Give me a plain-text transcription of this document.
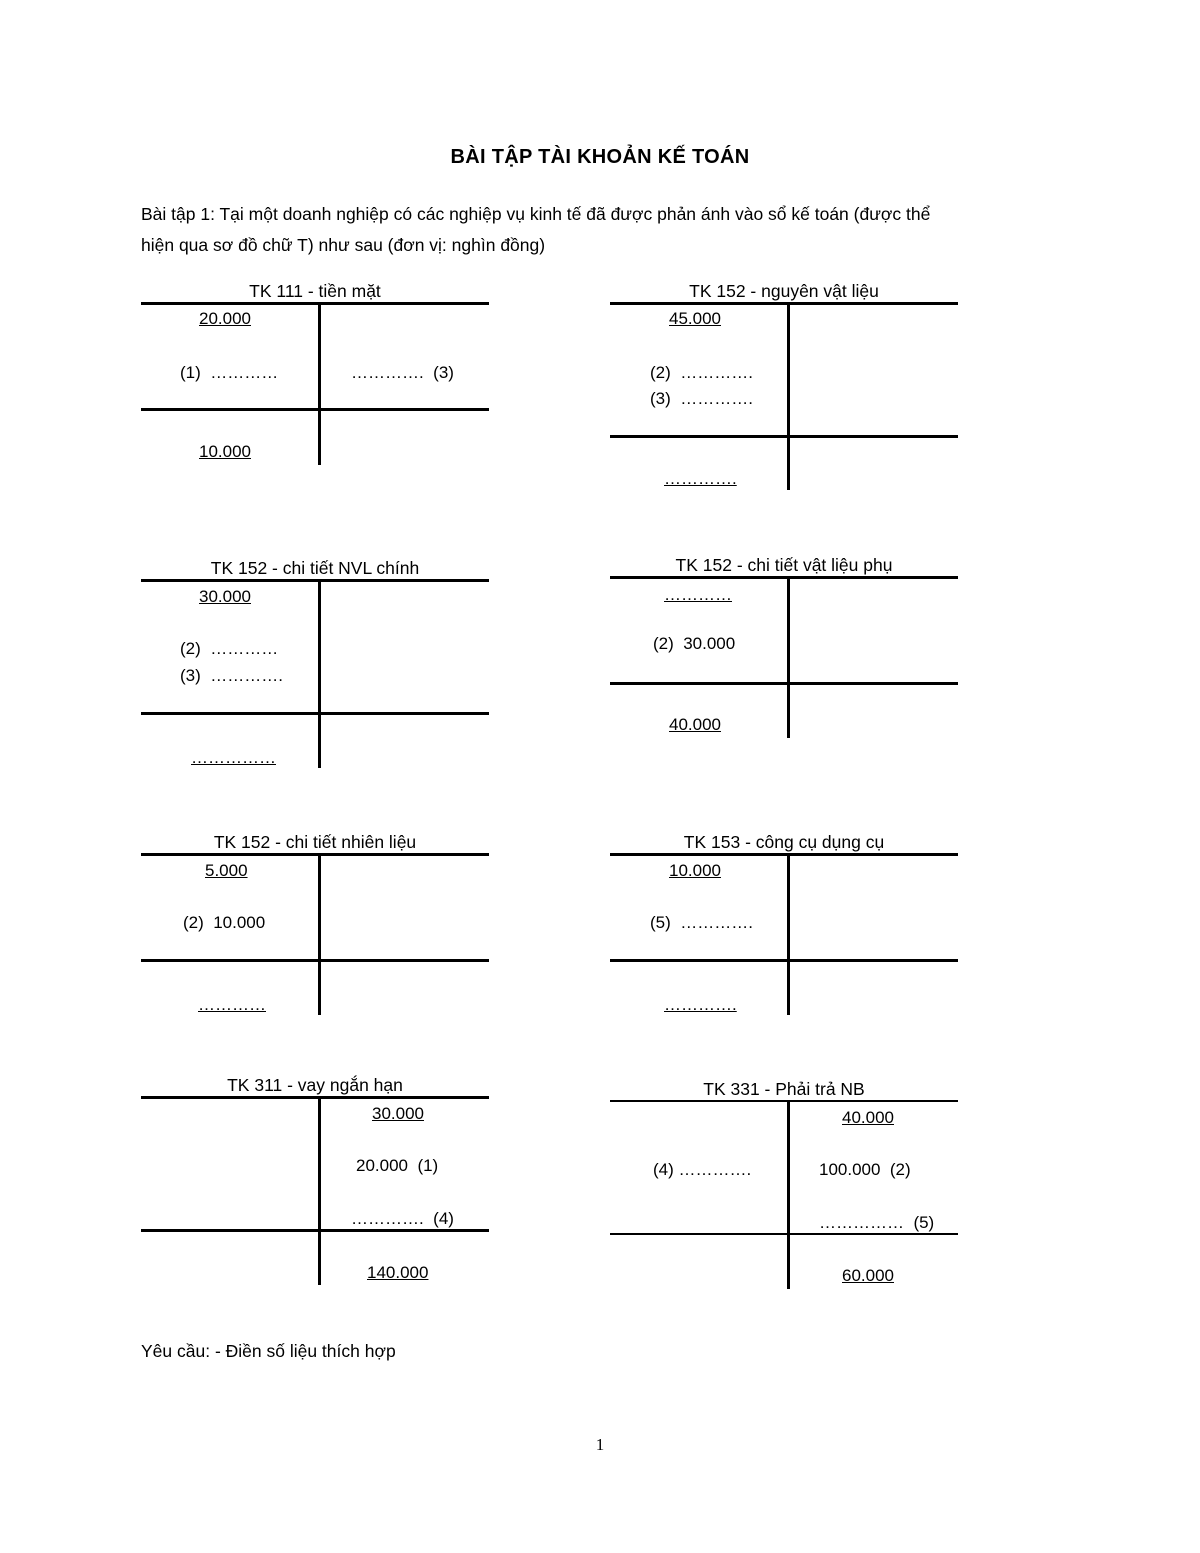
BÀI TẬP TÀI KHOẢN KẾ TOÁN
Bài tập 1: Tại một doanh nghiệp có các nghiệp vụ kinh tế đã được phản ánh vào sổ kế toán (được thể
hiện qua sơ đồ chữ T) như sau (đơn vị: nghìn đồng)
TK 111 - tiền mặt
20.000
(1)  …………	………….  (3)
10.000
TK 152 - nguyên vật liệu
45.000
(2)  ………….
(3)  ………….
………….
TK 152 - chi tiết NVL chính
30.000
(2)  …………
(3)  ………….
……………
TK 152 - chi tiết vật liệu phụ
…………
(2)  30.000
40.000
TK 152 - chi tiết nhiên liệu
5.000
(2)  10.000
…………
TK 153 - công cụ dụng cụ
10.000
(5)  ………….
………….
TK 311 - vay ngắn hạn
30.000
20.000  (1)
………….  (4)
140.000
TK 331 - Phải trả NB
40.000
(4) ………….	100.000  (2)
……………  (5)
60.000
Yêu cầu: - Điền số liệu thích hợp
1
